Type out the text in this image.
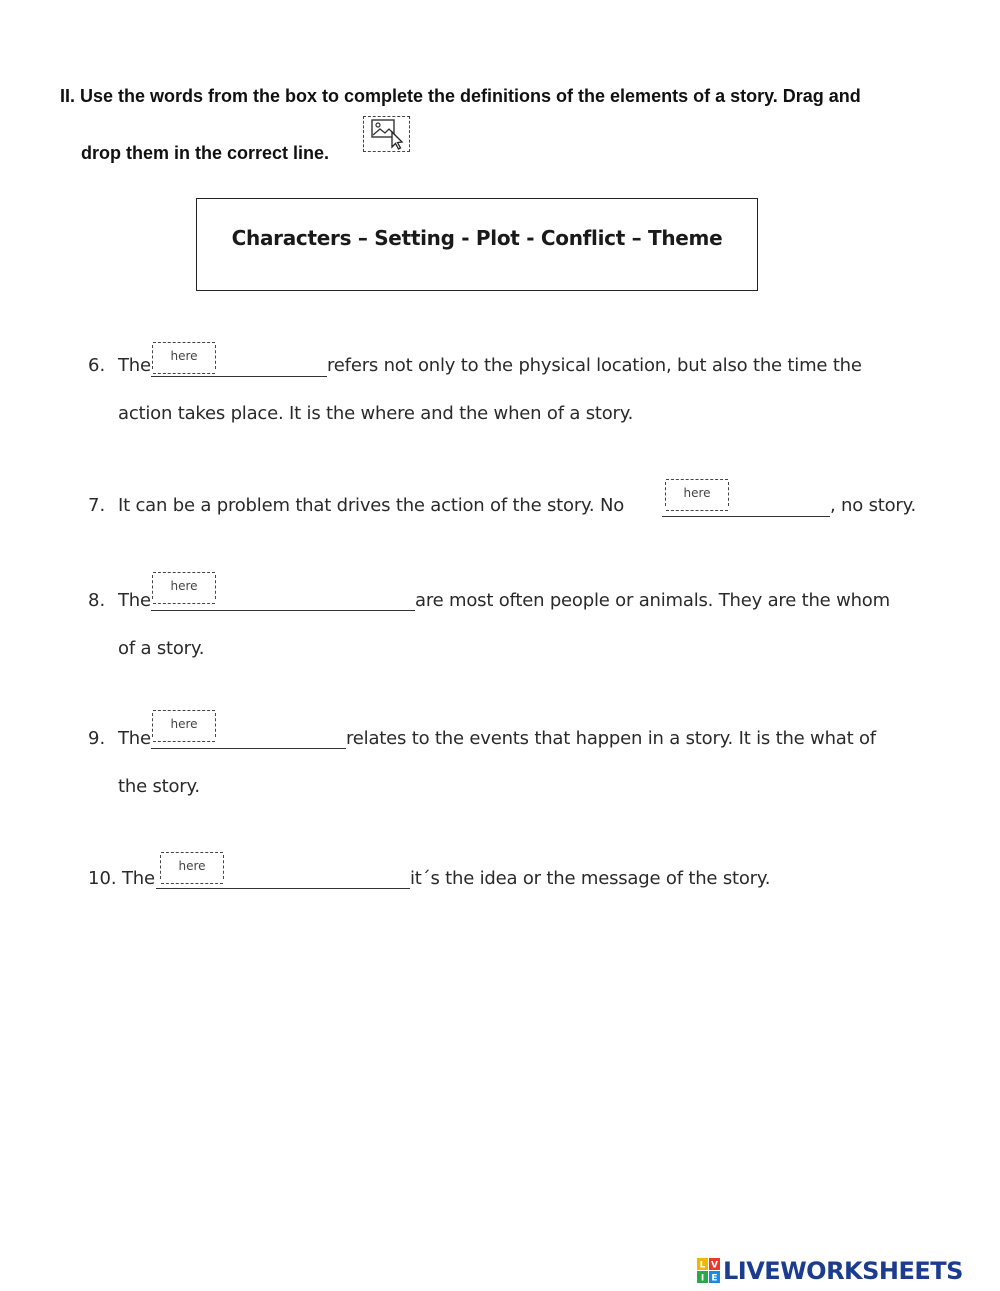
II. Use the words from the box to complete the definitions of the elements of a story. Drag and
drop them in the correct line.
Characters – Setting - Plot - Conflict – Theme
6. The	here	refers not only to the physical location, but also the time the
action takes place. It is the where and the when of a story.
7. It can be a problem that drives the action of the story. No
here
, no story.
8. The
here
are most often people or animals. They are the whom
of a story.
9. The
here
relates to the events that happen in a story. It is the what of
the story.
10. The
here
it´s the idea or the message of the story.
L
I
V
E LIVEWORKSHEETS
